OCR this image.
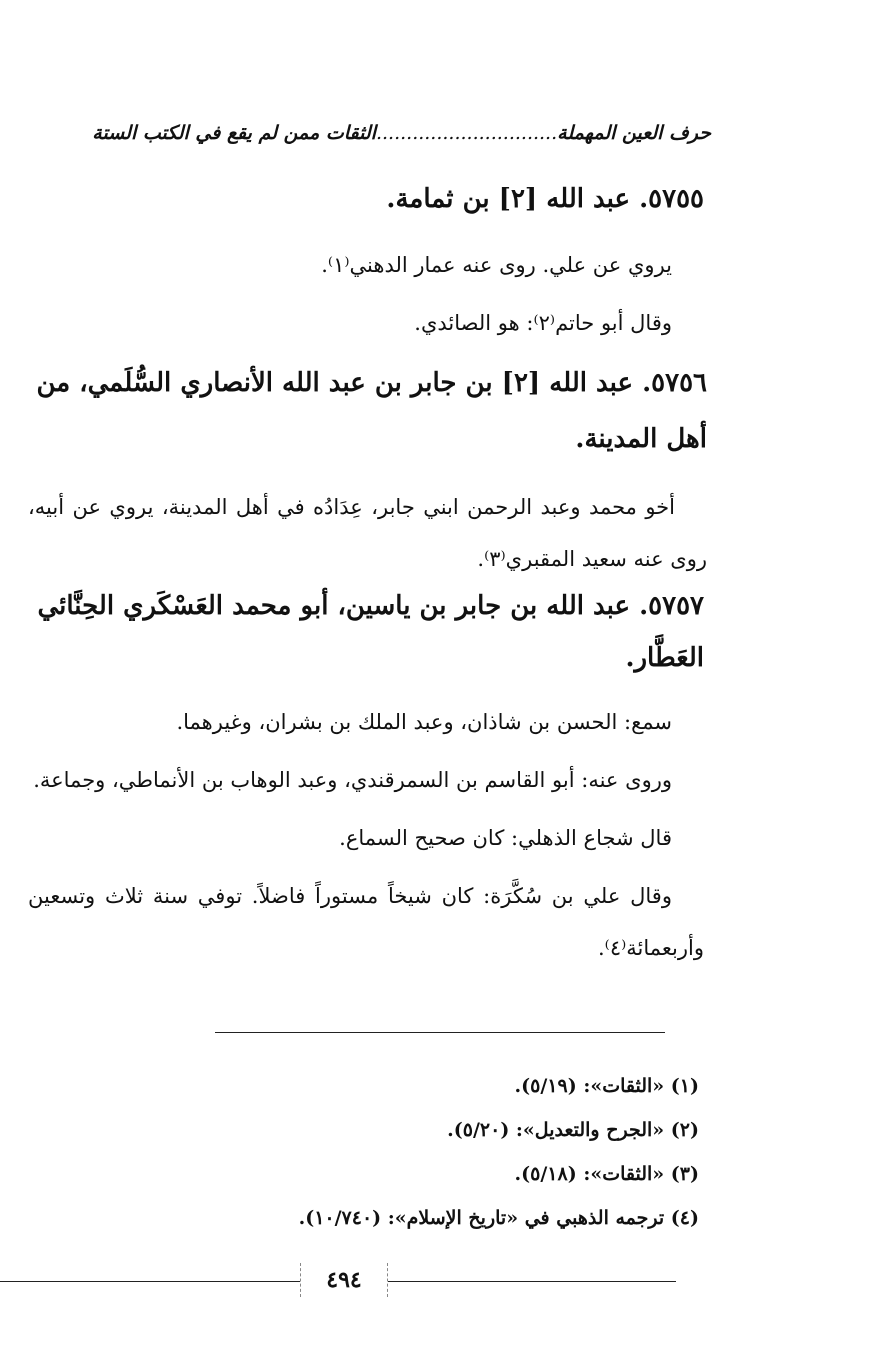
حرف العين المهملة..............................الثقات ممن لم يقع في الكتب الستة

٥٧٥٥. عبد الله [٢] بن ثمامة.

يروي عن علي. روى عنه عمار الدهني⁽١⁾.

وقال أبو حاتم⁽٢⁾: هو الصائدي.

٥٧٥٦. عبد الله [٢] بن جابر بن عبد الله الأنصاري السُّلَمي، من أهل المدينة.

أخو محمد وعبد الرحمن ابني جابر، عِدَادُه في أهل المدينة، يروي عن أبيه، روى عنه سعيد المقبري⁽٣⁾.

٥٧٥٧. عبد الله بن جابر بن ياسين، أبو محمد العَسْكَري الحِنَّائي العَطَّار.

سمع: الحسن بن شاذان، وعبد الملك بن بشران، وغيرهما.

وروى عنه: أبو القاسم بن السمرقندي، وعبد الوهاب بن الأنماطي، وجماعة.

قال شجاع الذهلي: كان صحيح السماع.

وقال علي بن سُكَّرَة: كان شيخاً مستوراً فاضلاً. توفي سنة ثلاث وتسعين وأربعمائة⁽٤⁾.

(١) «الثقات»: (٥/١٩).

(٢) «الجرح والتعديل»: (٥/٢٠).

(٣) «الثقات»: (٥/١٨).

(٤) ترجمه الذهبي في «تاريخ الإسلام»: (١٠/٧٤٠).

٤٩٤
